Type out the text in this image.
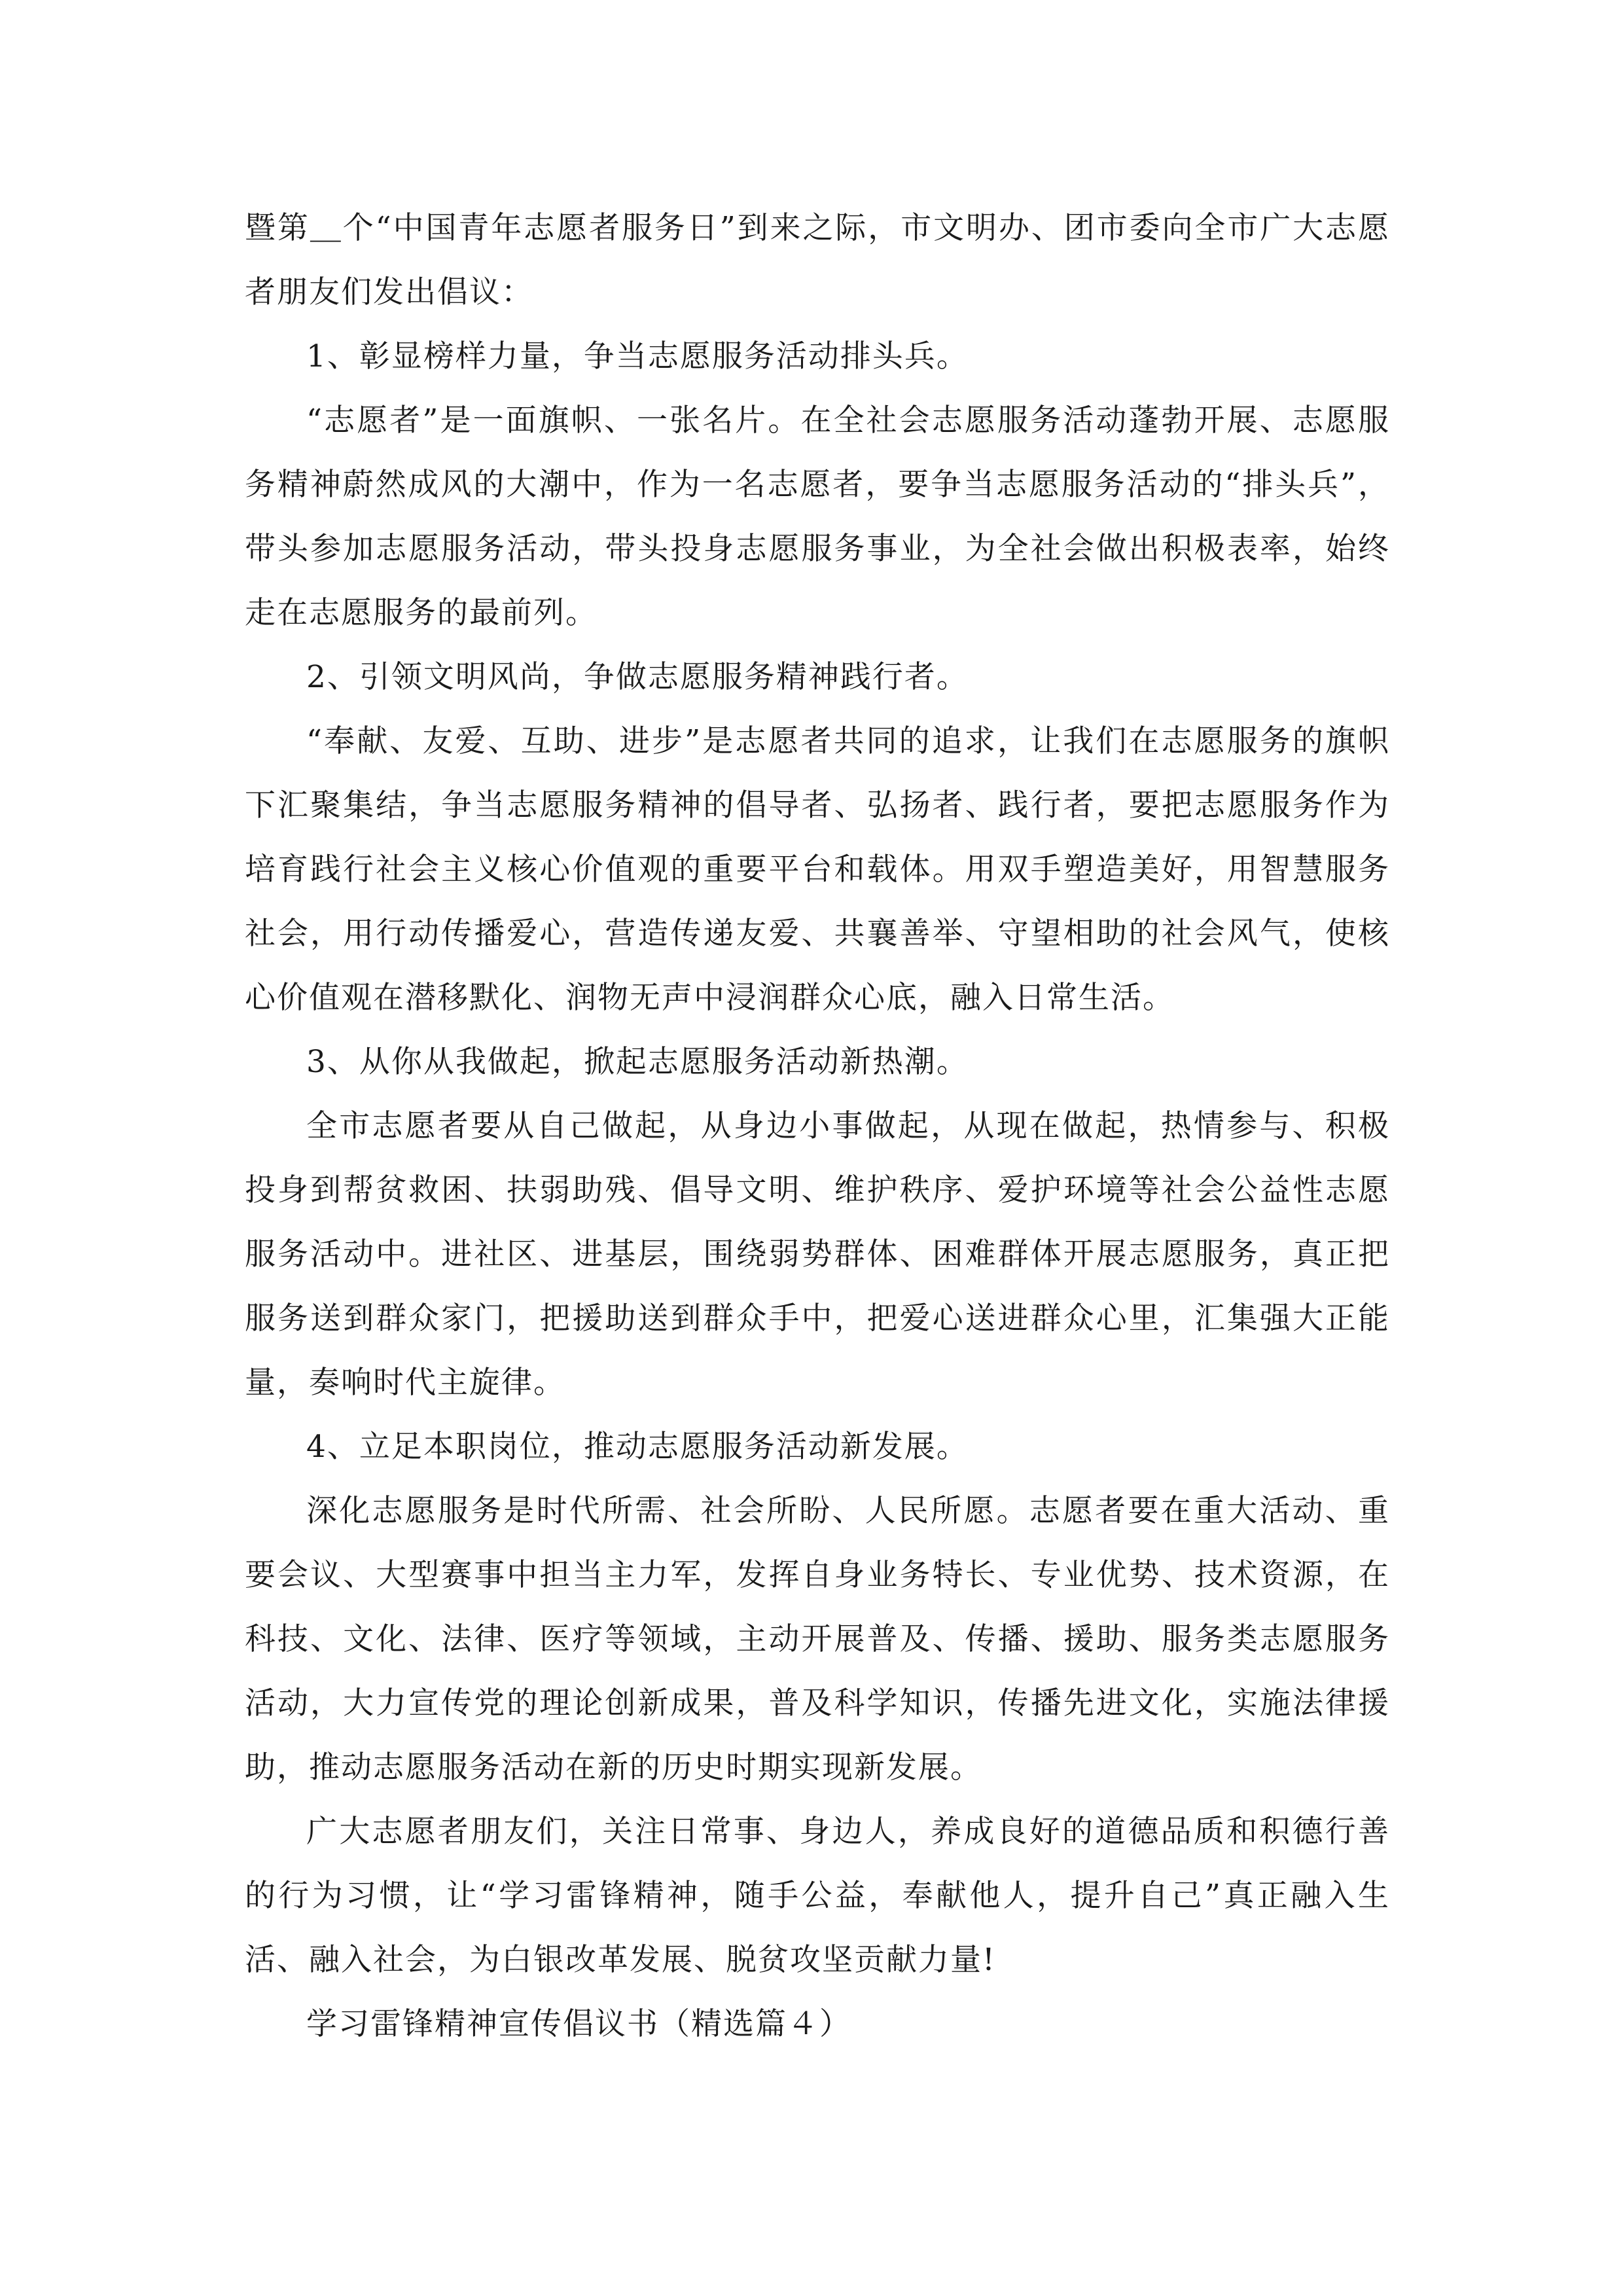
暨第＿个“中国青年志愿者服务日”到来之际，市文明办、团市委向全市广大志愿者朋友们发出倡议：

1、彰显榜样力量，争当志愿服务活动排头兵。

“志愿者”是一面旗帜、一张名片。在全社会志愿服务活动蓬勃开展、志愿服务精神蔚然成风的大潮中，作为一名志愿者，要争当志愿服务活动的“排头兵”，带头参加志愿服务活动，带头投身志愿服务事业，为全社会做出积极表率，始终走在志愿服务的最前列。

2、引领文明风尚，争做志愿服务精神践行者。

“奉献、友爱、互助、进步”是志愿者共同的追求，让我们在志愿服务的旗帜下汇聚集结，争当志愿服务精神的倡导者、弘扬者、践行者，要把志愿服务作为培育践行社会主义核心价值观的重要平台和载体。用双手塑造美好，用智慧服务社会，用行动传播爱心，营造传递友爱、共襄善举、守望相助的社会风气，使核心价值观在潜移默化、润物无声中浸润群众心底，融入日常生活。

3、从你从我做起，掀起志愿服务活动新热潮。

全市志愿者要从自己做起，从身边小事做起，从现在做起，热情参与、积极投身到帮贫救困、扶弱助残、倡导文明、维护秩序、爱护环境等社会公益性志愿服务活动中。进社区、进基层，围绕弱势群体、困难群体开展志愿服务，真正把服务送到群众家门，把援助送到群众手中，把爱心送进群众心里，汇集强大正能量，奏响时代主旋律。

4、立足本职岗位，推动志愿服务活动新发展。

深化志愿服务是时代所需、社会所盼、人民所愿。志愿者要在重大活动、重要会议、大型赛事中担当主力军，发挥自身业务特长、专业优势、技术资源，在科技、文化、法律、医疗等领域，主动开展普及、传播、援助、服务类志愿服务活动，大力宣传党的理论创新成果，普及科学知识，传播先进文化，实施法律援助，推动志愿服务活动在新的历史时期实现新发展。

广大志愿者朋友们，关注日常事、身边人，养成良好的道德品质和积德行善的行为习惯，让“学习雷锋精神，随手公益，奉献他人，提升自己”真正融入生活、融入社会，为白银改革发展、脱贫攻坚贡献力量!

学习雷锋精神宣传倡议书（精选篇４）
